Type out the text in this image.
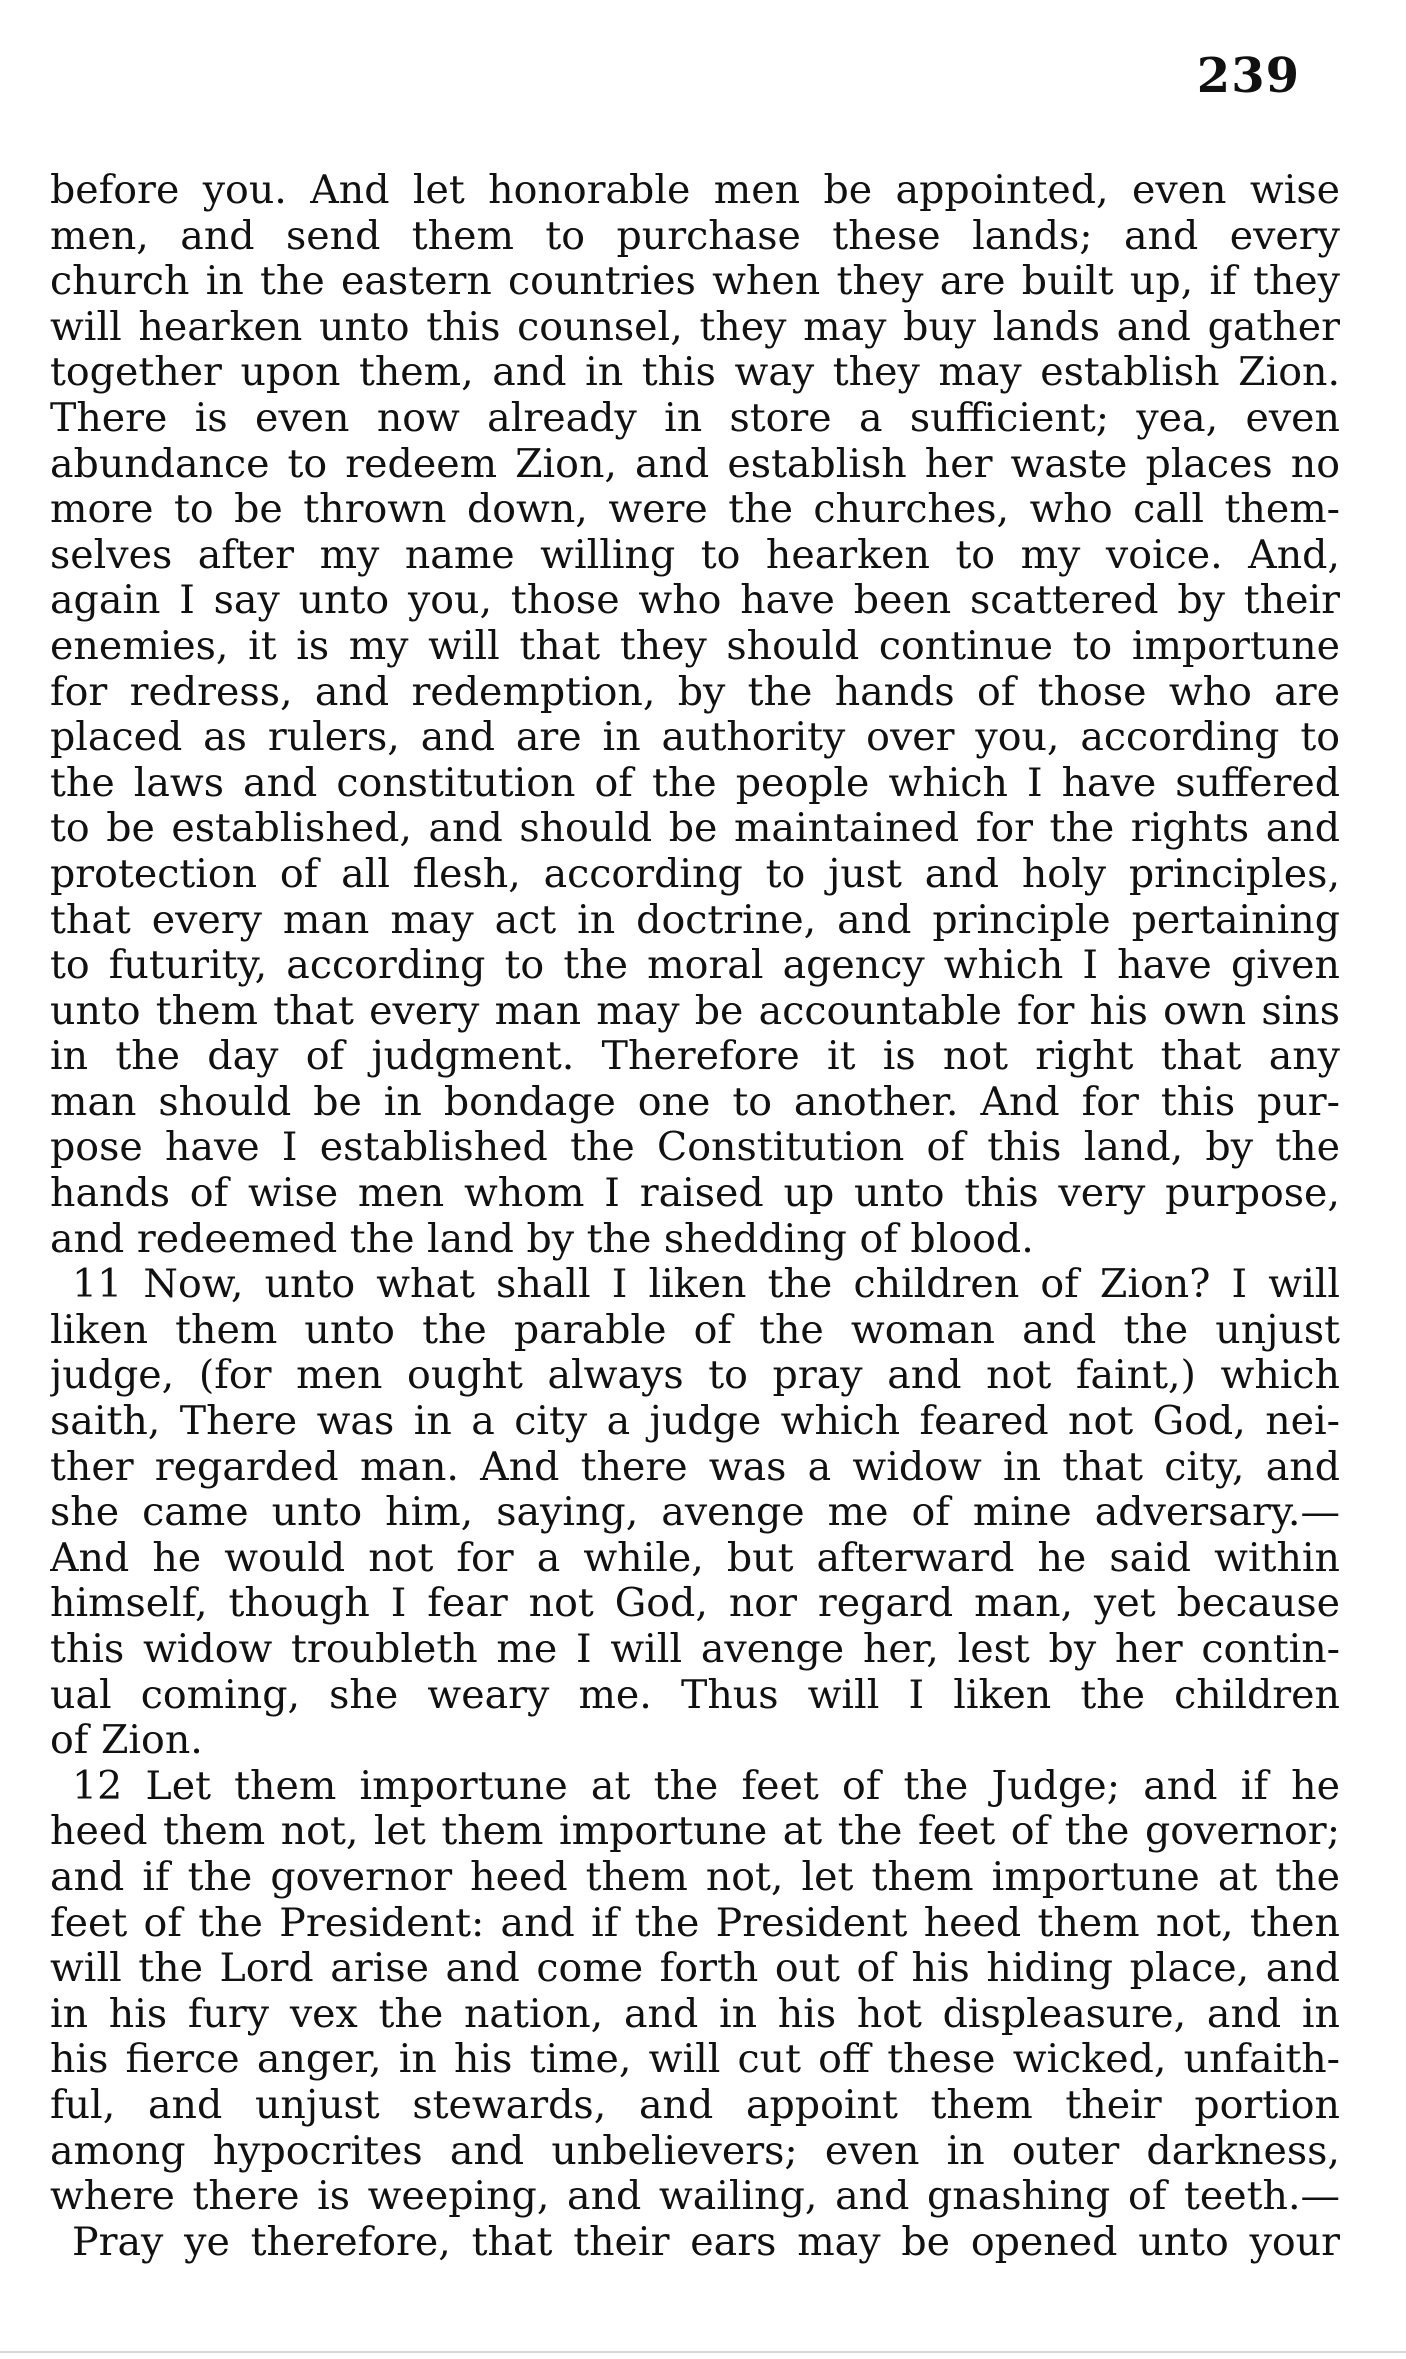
239
before you. And let honorable men be appointed, even wise
men, and send them to purchase these lands; and every
church in the eastern countries when they are built up, if they
will hearken unto this counsel, they may buy lands and gather
together upon them, and in this way they may establish Zion.
There is even now already in store a sufficient; yea, even
abundance to redeem Zion, and establish her waste places no
more to be thrown down, were the churches, who call them-
selves after my name willing to hearken to my voice. And,
again I say unto you, those who have been scattered by their
enemies, it is my will that they should continue to importune
for redress, and redemption, by the hands of those who are
placed as rulers, and are in authority over you, according to
the laws and constitution of the people which I have suffered
to be established, and should be maintained for the rights and
protection of all flesh, according to just and holy principles,
that every man may act in doctrine, and principle pertaining
to futurity, according to the moral agency which I have given
unto them that every man may be accountable for his own sins
in the day of judgment. Therefore it is not right that any
man should be in bondage one to another. And for this pur-
pose have I established the Constitution of this land, by the
hands of wise men whom I raised up unto this very purpose,
and redeemed the land by the shedding of blood.
11 Now, unto what shall I liken the children of Zion? I will
liken them unto the parable of the woman and the unjust
judge, (for men ought always to pray and not faint,) which
saith, There was in a city a judge which feared not God, nei-
ther regarded man. And there was a widow in that city, and
she came unto him, saying, avenge me of mine adversary.—
And he would not for a while, but afterward he said within
himself, though I fear not God, nor regard man, yet because
this widow troubleth me I will avenge her, lest by her contin-
ual coming, she weary me. Thus will I liken the children
of Zion.
12 Let them importune at the feet of the Judge; and if he
heed them not, let them importune at the feet of the governor;
and if the governor heed them not, let them importune at the
feet of the President: and if the President heed them not, then
will the Lord arise and come forth out of his hiding place, and
in his fury vex the nation, and in his hot displeasure, and in
his fierce anger, in his time, will cut off these wicked, unfaith-
ful, and unjust stewards, and appoint them their portion
among hypocrites and unbelievers; even in outer darkness,
where there is weeping, and wailing, and gnashing of teeth.—
Pray ye therefore, that their ears may be opened unto your
